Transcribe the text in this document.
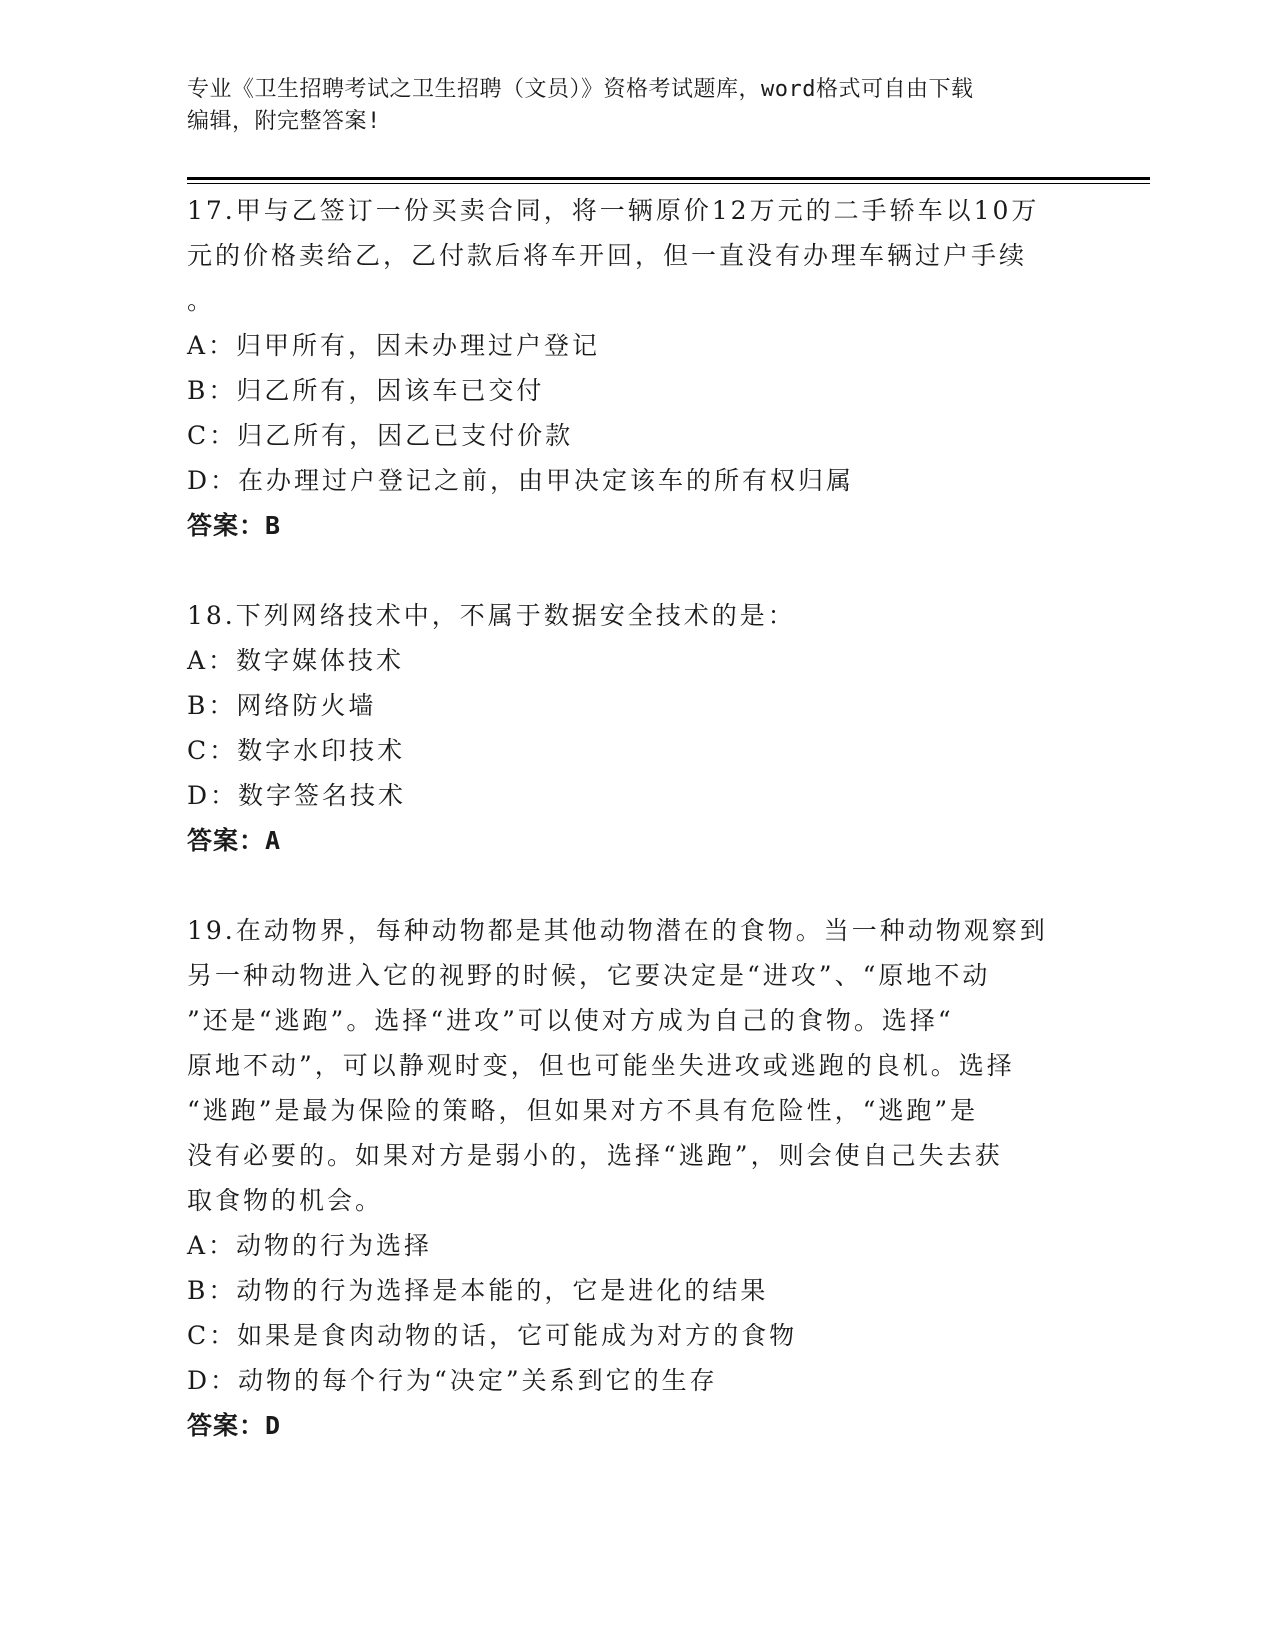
专业《卫生招聘考试之卫生招聘（文员）》资格考试题库，word格式可自由下载
编辑，附完整答案!

17.甲与乙签订一份买卖合同，将一辆原价12万元的二手轿车以10万

元的价格卖给乙，乙付款后将车开回，但一直没有办理车辆过户手续

。

A：归甲所有，因未办理过户登记

B：归乙所有，因该车已交付

C：归乙所有，因乙已支付价款

D：在办理过户登记之前，由甲决定该车的所有权归属

答案：B

18.下列网络技术中，不属于数据安全技术的是：

A：数字媒体技术

B：网络防火墙

C：数字水印技术

D：数字签名技术

答案：A

19.在动物界，每种动物都是其他动物潜在的食物。当一种动物观察到

另一种动物进入它的视野的时候，它要决定是“进攻”、“原地不动

”还是“逃跑”。选择“进攻”可以使对方成为自己的食物。选择“

原地不动”，可以静观时变，但也可能坐失进攻或逃跑的良机。选择

“逃跑”是最为保险的策略，但如果对方不具有危险性，“逃跑”是

没有必要的。如果对方是弱小的，选择“逃跑”，则会使自己失去获

取食物的机会。

A：动物的行为选择

B：动物的行为选择是本能的，它是进化的结果

C：如果是食肉动物的话，它可能成为对方的食物

D：动物的每个行为“决定”关系到它的生存

答案：D
